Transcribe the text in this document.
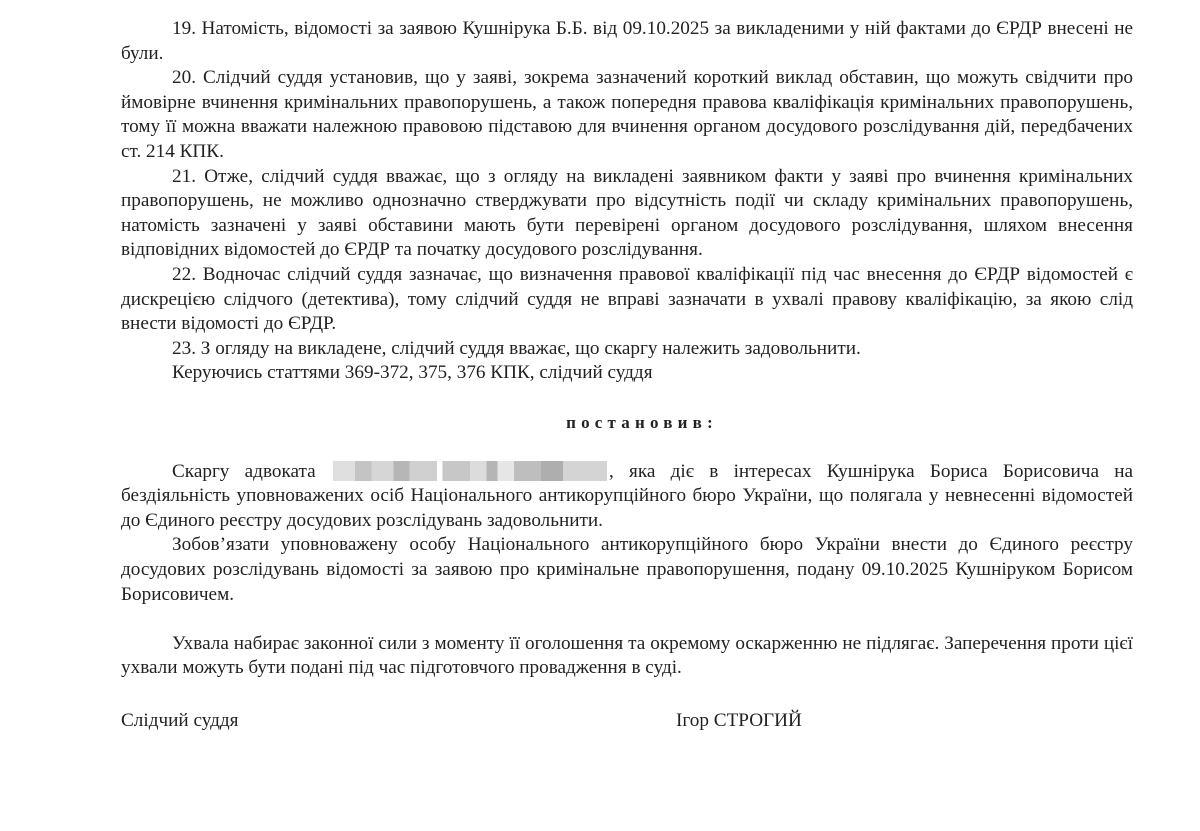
19. Натомість, відомості за заявою Кушнірука Б.Б. від 09.10.2025 за викладеними у ній фактами до ЄРДР внесені не були.

20. Слідчий суддя установив, що у заяві, зокрема зазначений короткий виклад обставин, що можуть свідчити про ймовірне вчинення кримінальних правопорушень, а також попередня правова кваліфікація кримінальних правопорушень, тому її можна вважати належною правовою підставою для вчинення органом досудового розслідування дій, передбачених ст. 214 КПК.

21. Отже, слідчий суддя вважає, що з огляду на викладені заявником факти у заяві про вчинення кримінальних правопорушень, не можливо однозначно стверджувати про відсутність події чи складу кримінальних правопорушень, натомість зазначені у заяві обставини мають бути перевірені органом досудового розслідування, шляхом внесення відповідних відомостей до ЄРДР та початку досудового розслідування.

22. Водночас слідчий суддя зазначає, що визначення правової кваліфікації під час внесення до ЄРДР відомостей є дискрецією слідчого (детектива), тому слідчий суддя не вправі зазначати в ухвалі правову кваліфікацію, за якою слід внести відомості до ЄРДР.

23. З огляду на викладене, слідчий суддя вважає, що скаргу належить задовольнити.

Керуючись статтями 369-372, 375, 376 КПК, слідчий суддя

постановив:

Скаргу адвоката	, яка діє в інтересах Кушнірука Бориса Борисовича на бездіяльність уповноважених осіб Національного антикорупційного бюро України, що полягала у невнесенні відомостей до Єдиного реєстру досудових розслідувань задовольнити.

Зобов’язати уповноважену особу Національного антикорупційного бюро України внести до Єдиного реєстру досудових розслідувань відомості за заявою про кримінальне правопорушення, подану 09.10.2025 Кушніруком Борисом Борисовичем.

Ухвала набирає законної сили з моменту її оголошення та окремому оскарженню не підлягає. Заперечення проти цієї ухвали можуть бути подані під час підготовчого провадження в суді.

Слідчий суддя	Ігор СТРОГИЙ
